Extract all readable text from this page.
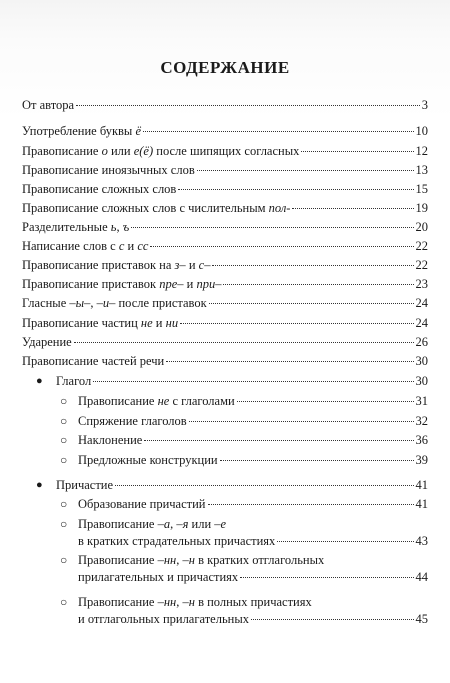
СОДЕРЖАНИЕ
От автора	3
Употребление буквы ё	10
Правописание о или е(ё) после шипящих согласных	12
Правописание иноязычных слов	13
Правописание сложных слов	15
Правописание сложных слов с числительным пол-	19
Разделительные ь, ъ	20
Написание слов с с и сс	22
Правописание приставок на з– и с–	22
Правописание приставок пре– и при–	23
Гласные –ы–, –и– после приставок	24
Правописание частиц не и ни	24
Ударение	26
Правописание частей речи	30
● Глагол	30
○ Правописание не с глаголами	31
○ Спряжение глаголов	32
○ Наклонение	36
○ Предложные конструкции	39
● Причастие	41
○ Образование причастий	41
○ Правописание –а, –я или –е
в кратких страдательных причастиях	43
○ Правописание –нн, –н в кратких отглагольных
прилагательных и причастиях	44
○ Правописание –нн, –н в полных причастиях
и отглагольных прилагательных	45
